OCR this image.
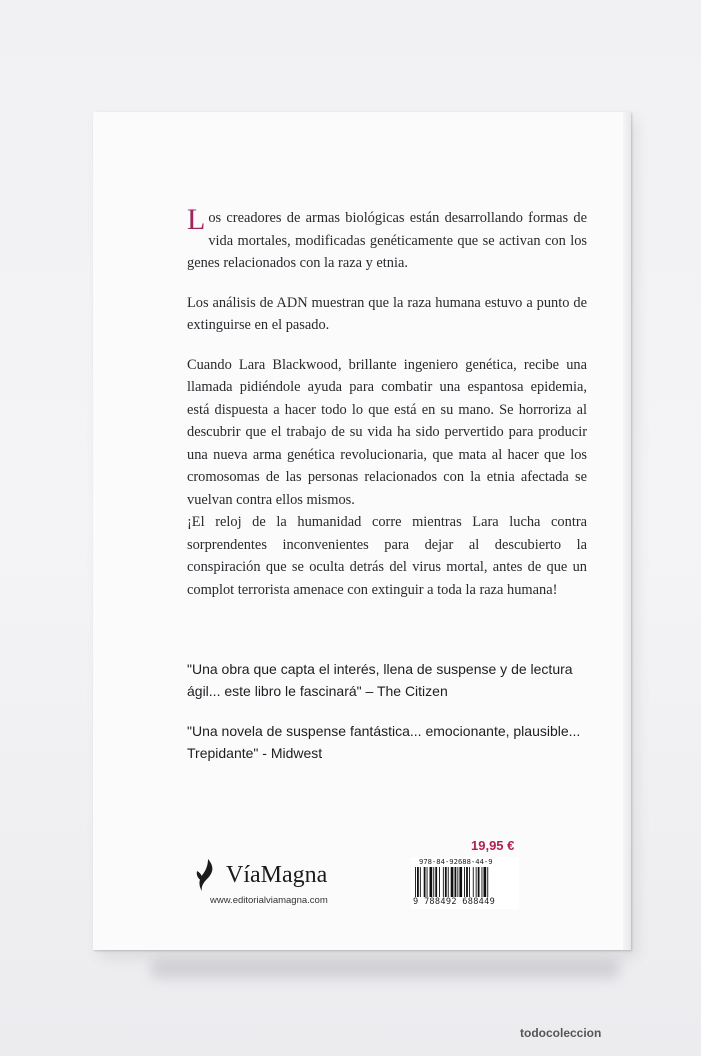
Los creadores de armas biológicas están desarrollando formas de vida mortales, modificadas genéticamente que se activan con los genes relacionados con la raza y etnia.

Los análisis de ADN muestran que la raza humana estuvo a punto de extinguirse en el pasado.

Cuando Lara Blackwood, brillante ingeniero genética, recibe una llamada pidiéndole ayuda para combatir una espantosa epidemia, está dispuesta a hacer todo lo que está en su mano. Se horroriza al descubrir que el trabajo de su vida ha sido pervertido para producir una nueva arma genética revolucionaria, que mata al hacer que los cromosomas de las personas relacionados con la etnia afectada se vuelvan contra ellos mismos.

¡El reloj de la humanidad corre mientras Lara lucha contra sorprendentes inconvenientes para dejar al descubierto la conspiración que se oculta detrás del virus mortal, antes de que un complot terrorista amenace con extinguir a toda la raza humana!

"Una obra que capta el interés, llena de suspense y de lectura ágil... este libro le fascinará" – The Citizen

"Una novela de suspense fantástica... emocionante, plausible... Trepidante" - Midwest

VíaMagna
www.editorialviamagna.com
19,95 €
978-84-92688-44-9
9 788492 688449
todocoleccion
